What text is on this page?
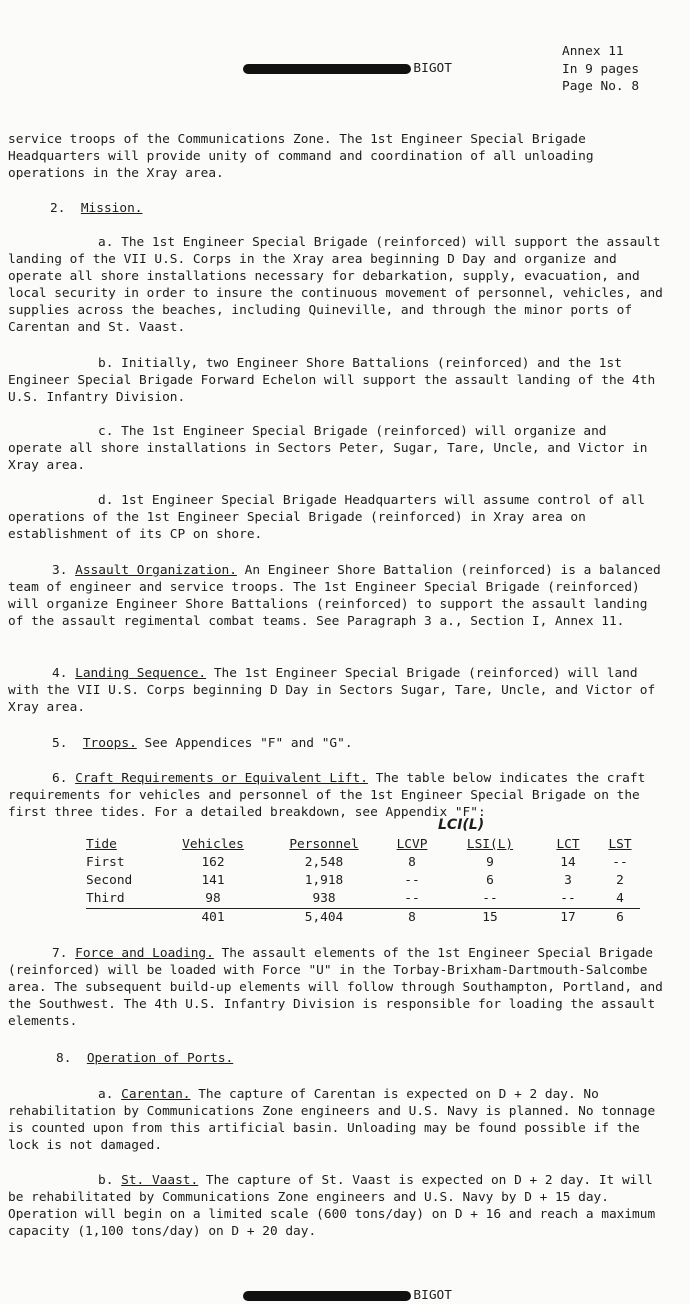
BIGOT

Annex 11
In 9 pages
Page No. 8
service troops of the Communications Zone. The 1st Engineer Special Brigade Headquarters will provide unity of command and coordination of all unloading operations in the Xray area.
2. Mission.
a. The 1st Engineer Special Brigade (reinforced) will support the assault landing of the VII U.S. Corps in the Xray area beginning D Day and organize and operate all shore installations necessary for debarkation, supply, evacuation, and local security in order to insure the continuous movement of personnel, vehicles, and supplies across the beaches, including Quineville, and through the minor ports of Carentan and St. Vaast.
b. Initially, two Engineer Shore Battalions (reinforced) and the 1st Engineer Special Brigade Forward Echelon will support the assault landing of the 4th U.S. Infantry Division.
c. The 1st Engineer Special Brigade (reinforced) will organize and operate all shore installations in Sectors Peter, Sugar, Tare, Uncle, and Victor in Xray area.
d. 1st Engineer Special Brigade Headquarters will assume control of all operations of the 1st Engineer Special Brigade (reinforced) in Xray area on establishment of its CP on shore.
3. Assault Organization. An Engineer Shore Battalion (reinforced) is a balanced team of engineer and service troops. The 1st Engineer Special Brigade (reinforced) will organize Engineer Shore Battalions (reinforced) to support the assault landing of the assault regimental combat teams. See Paragraph 3 a., Section I, Annex 11.
4. Landing Sequence. The 1st Engineer Special Brigade (reinforced) will land with the VII U.S. Corps beginning D Day in Sectors Sugar, Tare, Uncle, and Victor of Xray area.
5. Troops. See Appendices "F" and "G".
6. Craft Requirements or Equivalent Lift. The table below indicates the craft requirements for vehicles and personnel of the 1st Engineer Special Brigade on the first three tides. For a detailed breakdown, see Appendix "F":
LCI(L)
Tide	Vehicles	Personnel	LCVP	LSI(L)	LCT	LST
First	162	2,548	8	9	14	--
Second	141	1,918	--	6	3	2
Third	98	938	--	--	--	4
	401	5,404	8	15	17	6
7. Force and Loading. The assault elements of the 1st Engineer Special Brigade (reinforced) will be loaded with Force "U" in the Torbay-Brixham-Dartmouth-Salcombe area. The subsequent build-up elements will follow through Southampton, Portland, and the Southwest. The 4th U.S. Infantry Division is responsible for loading the assault elements.
8. Operation of Ports.
a. Carentan. The capture of Carentan is expected on D + 2 day. No rehabilitation by Communications Zone engineers and U.S. Navy is planned. No tonnage is counted upon from this artificial basin. Unloading may be found possible if the lock is not damaged.
b. St. Vaast. The capture of St. Vaast is expected on D + 2 day. It will be rehabilitated by Communications Zone engineers and U.S. Navy by D + 15 day. Operation will begin on a limited scale (600 tons/day) on D + 16 and reach a maximum capacity (1,100 tons/day) on D + 20 day.

BIGOT
